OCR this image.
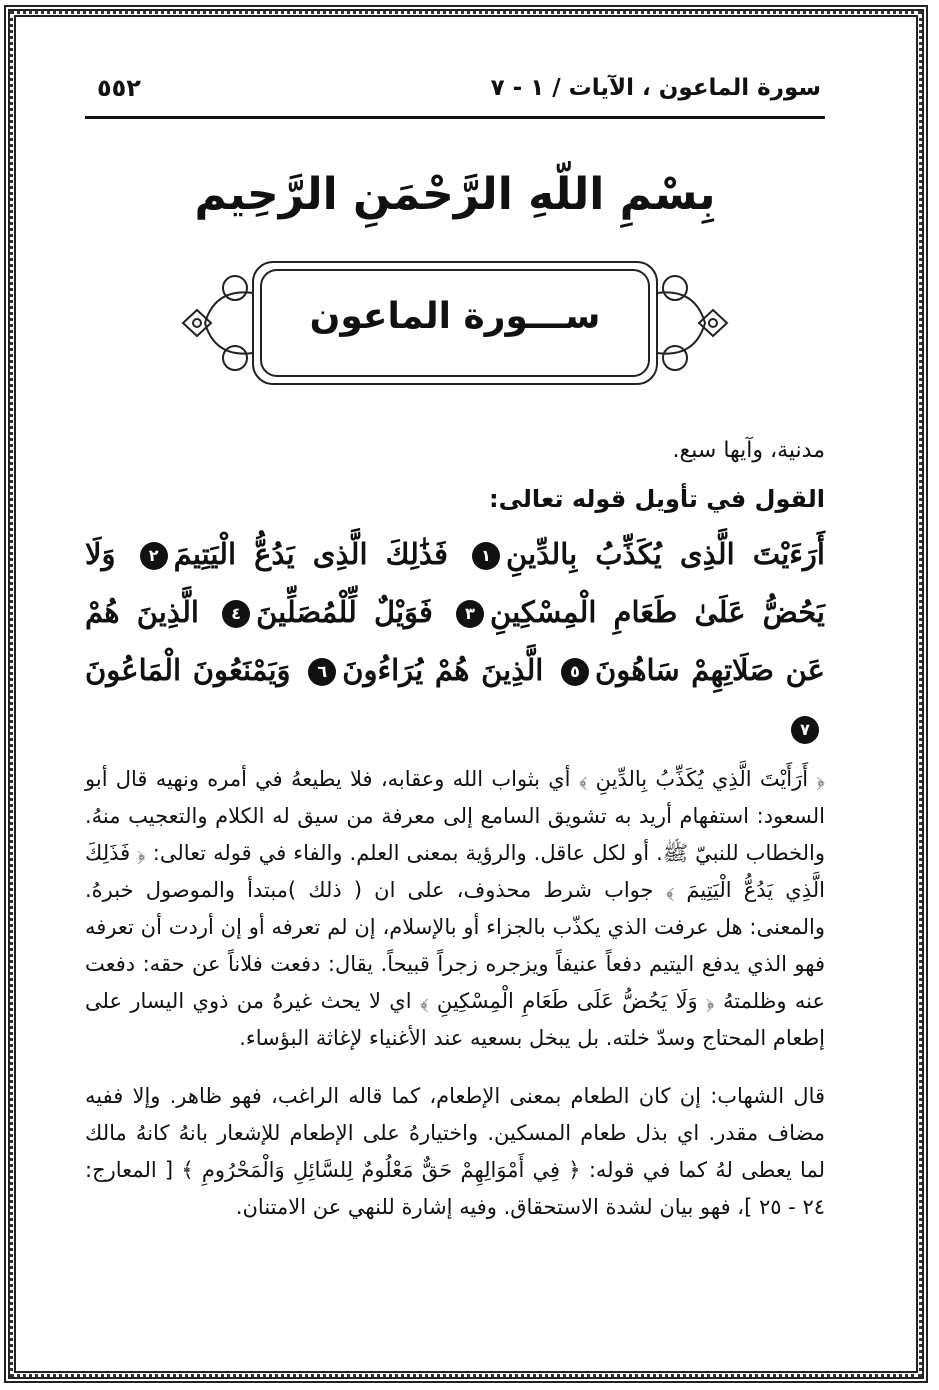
سورة الماعون ، الآيات / ١ - ٧
٥٥٢
بِسْمِ اللّهِ الرَّحْمَنِ الرَّحِيم
ســـورة الماعون
مدنية، وآيها سبع.
القول في تأويل قوله تعالى:
أَرَءَيْتَ الَّذِى يُكَذِّبُ بِالدِّينِ١ فَذَٰلِكَ الَّذِى يَدُعُّ الْيَتِيمَ٢ وَلَا يَحُضُّ عَلَىٰ طَعَامِ الْمِسْكِينِ٣ فَوَيْلٌ لِّلْمُصَلِّينَ٤ الَّذِينَ هُمْ عَن صَلَاتِهِمْ سَاهُونَ٥ الَّذِينَ هُمْ يُرَاءُونَ٦ وَيَمْنَعُونَ الْمَاعُونَ٧

﴿ أَرَأَيْتَ الَّذِي يُكَذِّبُ بِالدِّينِ ﴾ أي بثواب الله وعقابه، فلا يطيعهُ في أمره ونهيه قال أبو السعود: استفهام أريد به تشويق السامع إلى معرفة من سيق له الكلام والتعجيب منهُ. والخطاب للنبيّ ﷺ. أو لكل عاقل. والرؤية بمعنى العلم. والفاء في قوله تعالى: ﴿ فَذَلِكَ الَّذِي يَدُعُّ الْيَتِيمَ ﴾ جواب شرط محذوف، على ان ( ذلك )مبتدأ والموصول خبرهُ. والمعنى: هل عرفت الذي يكذّب بالجزاء أو بالإسلام، إن لم تعرفه أو إن أردت أن تعرفه فهو الذي يدفع اليتيم دفعاً عنيفاً ويزجره زجراً قبيحاً. يقال: دفعت فلاناً عن حقه: دفعت عنه وظلمتهُ ﴿ وَلَا يَحُضُّ عَلَى طَعَامِ الْمِسْكِينِ ﴾ اي لا يحث غيرهُ من ذوي اليسار على إطعام المحتاج وسدّ خلته. بل يبخل بسعيه عند الأغنياء لإغاثة البؤساء.

قال الشهاب: إن كان الطعام بمعنى الإطعام، كما قاله الراغب، فهو ظاهر. وإلا ففيه مضاف مقدر. اي بذل طعام المسكين. واختيارهُ على الإطعام للإشعار بانهُ كانهُ مالك لما يعطى لهُ كما في قوله: ﴿ فِي أَمْوَالِهِمْ حَقٌّ مَعْلُومٌ لِلسَّائِلِ وَالْمَحْرُومِ ﴾ [ المعارج: ٢٤ - ٢٥ ]، فهو بيان لشدة الاستحقاق. وفيه إشارة للنهي عن الامتنان.
